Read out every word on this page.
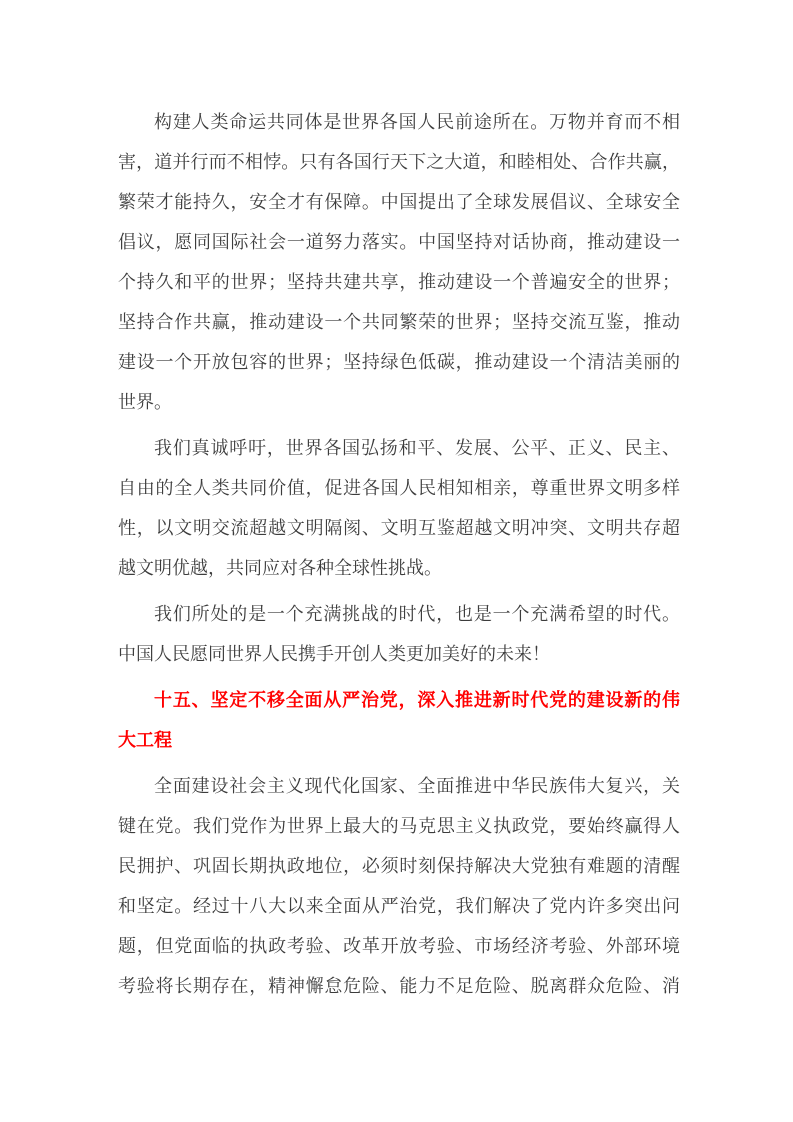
构建人类命运共同体是世界各国人民前途所在。万物并育而不相
害，道并行而不相悖。只有各国行天下之大道，和睦相处、合作共赢，
繁荣才能持久，安全才有保障。中国提出了全球发展倡议、全球安全
倡议，愿同国际社会一道努力落实。中国坚持对话协商，推动建设一
个持久和平的世界；坚持共建共享，推动建设一个普遍安全的世界；
坚持合作共赢，推动建设一个共同繁荣的世界；坚持交流互鉴，推动
建设一个开放包容的世界；坚持绿色低碳，推动建设一个清洁美丽的
世界。
我们真诚呼吁，世界各国弘扬和平、发展、公平、正义、民主、
自由的全人类共同价值，促进各国人民相知相亲，尊重世界文明多样
性，以文明交流超越文明隔阂、文明互鉴超越文明冲突、文明共存超
越文明优越，共同应对各种全球性挑战。
我们所处的是一个充满挑战的时代，也是一个充满希望的时代。
中国人民愿同世界人民携手开创人类更加美好的未来！
十五、坚定不移全面从严治党，深入推进新时代党的建设新的伟
大工程
全面建设社会主义现代化国家、全面推进中华民族伟大复兴，关
键在党。我们党作为世界上最大的马克思主义执政党，要始终赢得人
民拥护、巩固长期执政地位，必须时刻保持解决大党独有难题的清醒
和坚定。经过十八大以来全面从严治党，我们解决了党内许多突出问
题，但党面临的执政考验、改革开放考验、市场经济考验、外部环境
考验将长期存在，精神懈怠危险、能力不足危险、脱离群众危险、消
